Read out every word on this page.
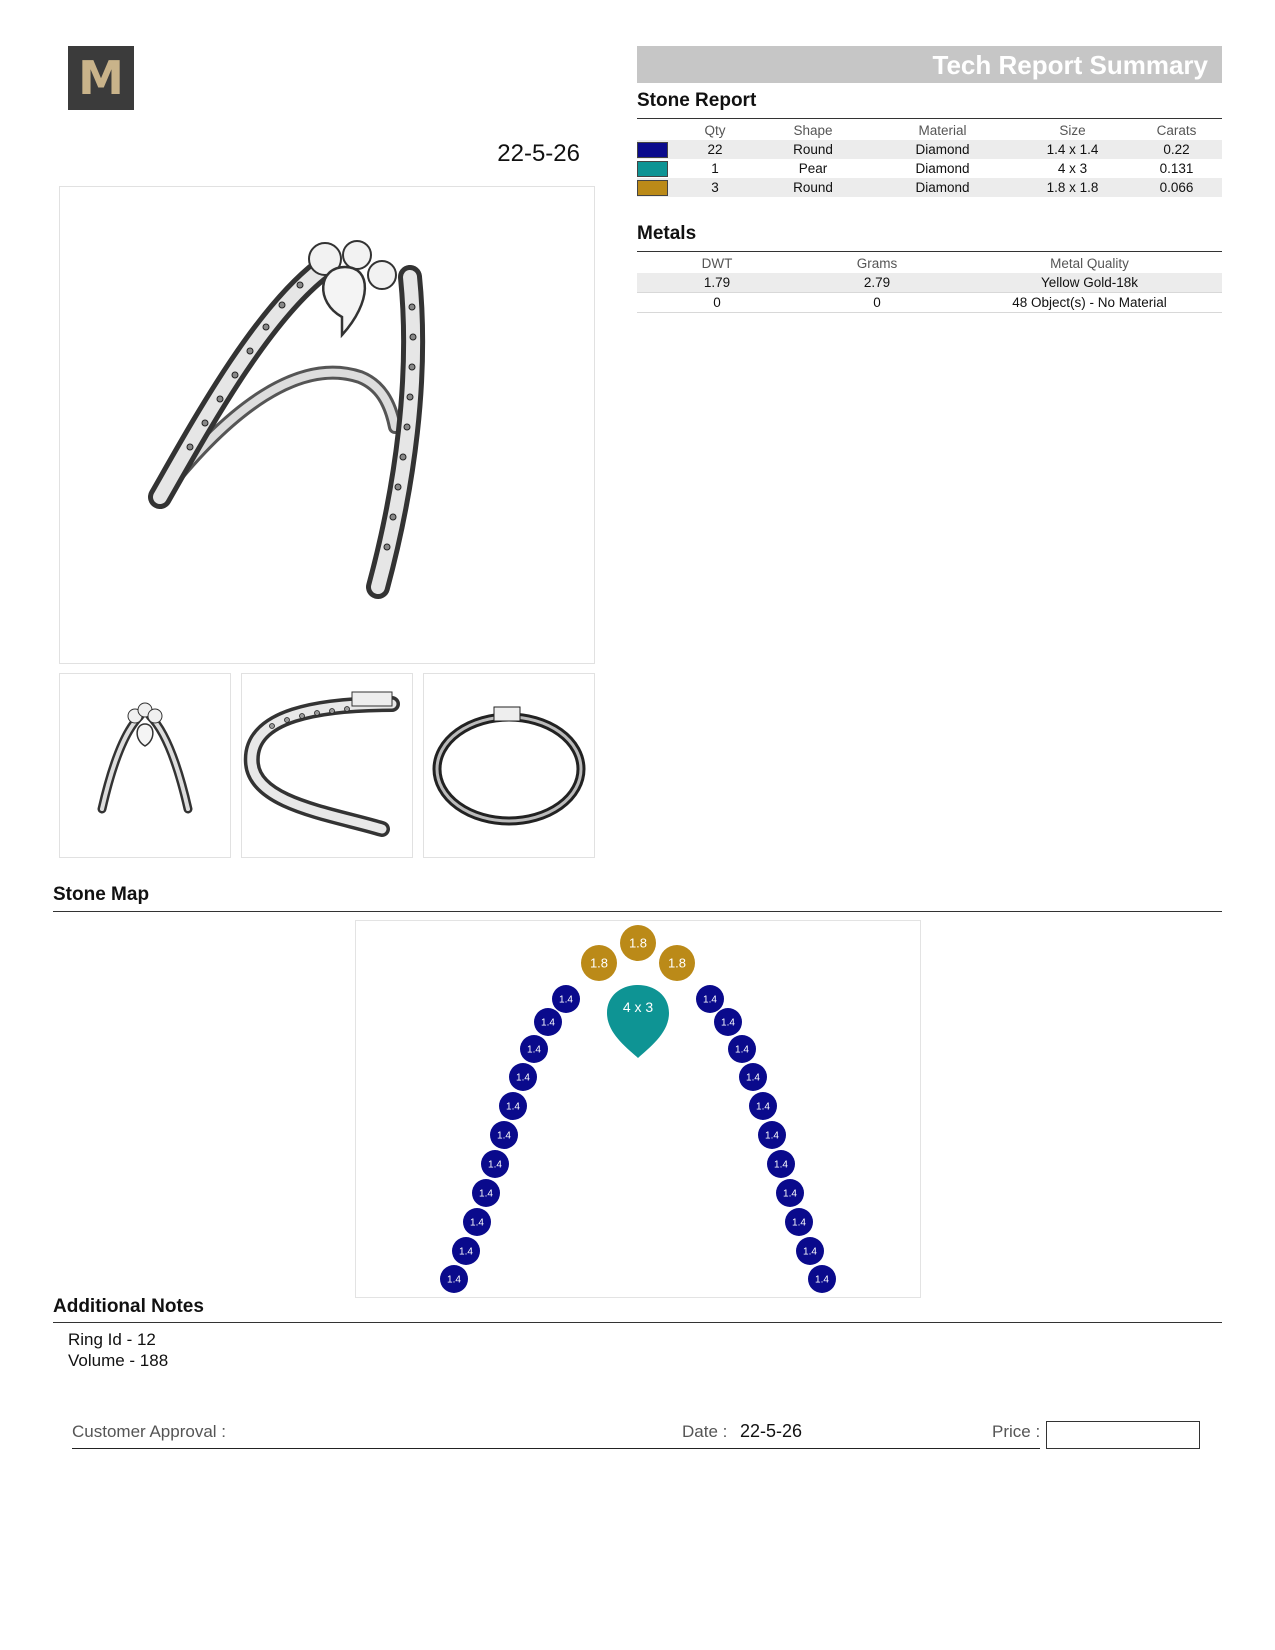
M
22-5-26
Tech Report Summary
Stone Report
	Qty	Shape	Material	Size	Carats
	22	Round	Diamond	1.4 x 1.4	0.22
	1	Pear	Diamond	4 x 3	0.131
	3	Round	Diamond	1.8 x 1.8	0.066
Metals
DWT	Grams	Metal Quality
1.79	2.79	Yellow Gold-18k
0	0	48 Object(s) - No Material
Stone Map
4 x 3
1.4
1.4
1.4
1.4
1.4
1.4
1.4
1.4
1.4
1.4
1.4
1.4
1.4
1.4
1.4
1.4
1.4
1.4
1.4
1.4
1.4
1.4
1.8
1.8
1.8
Additional Notes
Ring Id - 12
Volume - 188
Customer Approval :	Date : 22-5-26	Price :
